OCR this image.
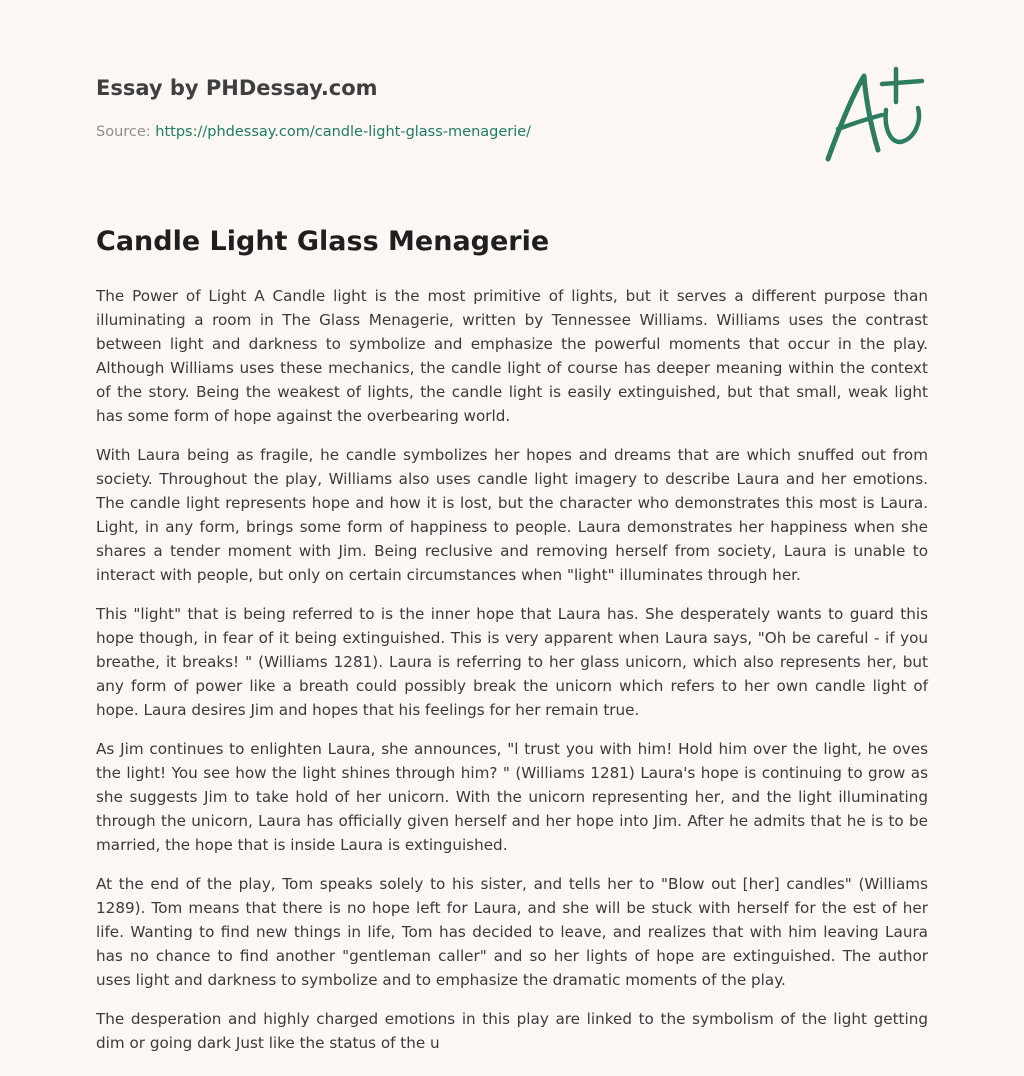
Essay by PHDessay.com
Source: https://phdessay.com/candle-light-glass-menagerie/
Candle Light Glass Menagerie

The Power of Light A Candle light is the most primitive of lights, but it serves a different purpose than illuminating a room in The Glass Menagerie, written by Tennessee Williams. Williams uses the contrast between light and darkness to symbolize and emphasize the powerful moments that occur in the play. Although Williams uses these mechanics, the candle light of course has deeper meaning within the context of the story. Being the weakest of lights, the candle light is easily extinguished, but that small, weak light has some form of hope against the overbearing world.

With Laura being as fragile, he candle symbolizes her hopes and dreams that are which snuffed out from society. Throughout the play, Williams also uses candle light imagery to describe Laura and her emotions. The candle light represents hope and how it is lost, but the character who demonstrates this most is Laura. Light, in any form, brings some form of happiness to people. Laura demonstrates her happiness when she shares a tender moment with Jim. Being reclusive and removing herself from society, Laura is unable to interact with people, but only on certain circumstances when "light" illuminates through her.

This "light" that is being referred to is the inner hope that Laura has. She desperately wants to guard this hope though, in fear of it being extinguished. This is very apparent when Laura says, "Oh be careful - if you breathe, it breaks! " (Williams 1281). Laura is referring to her glass unicorn, which also represents her, but any form of power like a breath could possibly break the unicorn which refers to her own candle light of hope. Laura desires Jim and hopes that his feelings for her remain true.

As Jim continues to enlighten Laura, she announces, "l trust you with him! Hold him over the light, he oves the light! You see how the light shines through him? " (Williams 1281) Laura's hope is continuing to grow as she suggests Jim to take hold of her unicorn. With the unicorn representing her, and the light illuminating through the unicorn, Laura has officially given herself and her hope into Jim. After he admits that he is to be married, the hope that is inside Laura is extinguished.

At the end of the play, Tom speaks solely to his sister, and tells her to "Blow out [her] candles" (Williams 1289). Tom means that there is no hope left for Laura, and she will be stuck with herself for the est of her life. Wanting to find new things in life, Tom has decided to leave, and realizes that with him leaving Laura has no chance to find another "gentleman caller" and so her lights of hope are extinguished. The author uses light and darkness to symbolize and to emphasize the dramatic moments of the play.

The desperation and highly charged emotions in this play are linked to the symbolism of the light getting dim or going dark Just like the status of the u
